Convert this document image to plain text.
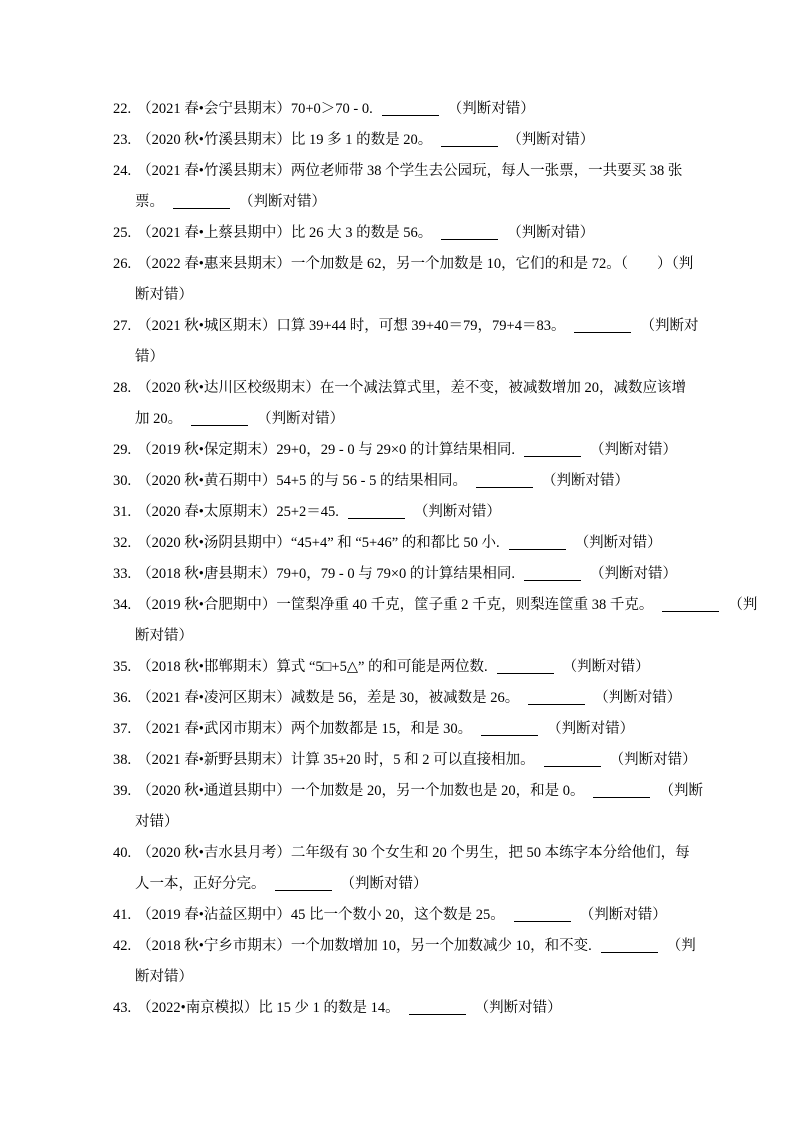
22. （2021 春•会宁县期末）70+0＞70 - 0.	（判断对错）
23. （2020 秋•竹溪县期末）比 19 多 1 的数是 20。	（判断对错）
24. （2021 春•竹溪县期末）两位老师带 38 个学生去公园玩，每人一张票，一共要买 38 张
票。	（判断对错）
25. （2021 春•上蔡县期中）比 26 大 3 的数是 56。	（判断对错）
26. （2022 春•惠来县期末）一个加数是 62，另一个加数是 10，它们的和是 72。（　　）（判
断对错）
27. （2021 秋•城区期末）口算 39+44 时，可想 39+40＝79，79+4＝83。	（判断对
错）
28. （2020 秋•达川区校级期末）在一个减法算式里，差不变，被减数增加 20，减数应该增
加 20。	（判断对错）
29. （2019 秋•保定期末）29+0，29 - 0 与 29×0 的计算结果相同.	（判断对错）
30. （2020 秋•黄石期中）54+5 的与 56 - 5 的结果相同。	（判断对错）
31. （2020 春•太原期末）25+2＝45.	（判断对错）
32. （2020 秋•汤阴县期中）“45+4” 和 “5+46” 的和都比 50 小.	（判断对错）
33. （2018 秋•唐县期末）79+0，79 - 0 与 79×0 的计算结果相同.	（判断对错）
34. （2019 秋•合肥期中）一筐梨净重 40 千克，筐子重 2 千克，则梨连筐重 38 千克。	（判
断对错）
35. （2018 秋•邯郸期末）算式 “5□+5△” 的和可能是两位数.	（判断对错）
36. （2021 春•凌河区期末）减数是 56，差是 30，被减数是 26。	（判断对错）
37. （2021 春•武冈市期末）两个加数都是 15，和是 30。	（判断对错）
38. （2021 春•新野县期末）计算 35+20 时，5 和 2 可以直接相加。	（判断对错）
39. （2020 秋•通道县期中）一个加数是 20，另一个加数也是 20，和是 0。	（判断
对错）
40. （2020 秋•吉水县月考）二年级有 30 个女生和 20 个男生，把 50 本练字本分给他们，每
人一本，正好分完。	（判断对错）
41. （2019 春•沾益区期中）45 比一个数小 20，这个数是 25。	（判断对错）
42. （2018 秋•宁乡市期末）一个加数增加 10，另一个加数减少 10，和不变.	（判
断对错）
43. （2022•南京模拟）比 15 少 1 的数是 14。	（判断对错）
